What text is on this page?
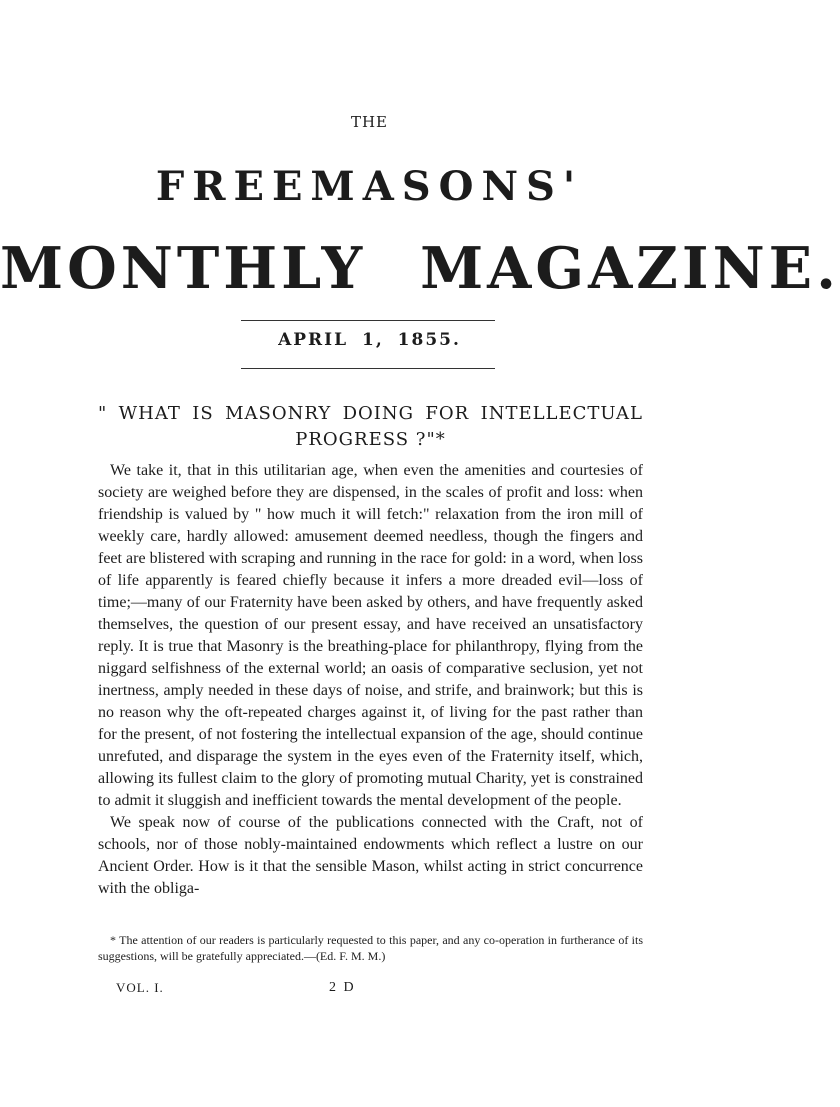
THE
FREEMASONS'
MONTHLY MAGAZINE.
APRIL 1, 1855.
" WHAT IS MASONRY DOING FOR INTELLECTUAL
PROGRESS ?"*

We take it, that in this utilitarian age, when even the amenities and courtesies of society are weighed before they are dispensed, in the scales of profit and loss: when friendship is valued by " how much it will fetch:" relaxation from the iron mill of weekly care, hardly allowed: amusement deemed needless, though the fingers and feet are blistered with scraping and running in the race for gold: in a word, when loss of life apparently is feared chiefly because it infers a more dreaded evil—loss of time;—many of our Fraternity have been asked by others, and have frequently asked themselves, the question of our present essay, and have received an unsatisfactory reply. It is true that Masonry is the breathing-place for philanthropy, flying from the niggard selfishness of the external world; an oasis of comparative seclusion, yet not inertness, amply needed in these days of noise, and strife, and brainwork; but this is no reason why the oft-repeated charges against it, of living for the past rather than for the present, of not fostering the intellectual expansion of the age, should continue unrefuted, and disparage the system in the eyes even of the Fraternity itself, which, allowing its fullest claim to the glory of promoting mutual Charity, yet is constrained to admit it sluggish and inefficient towards the mental development of the people.

We speak now of course of the publications connected with the Craft, not of schools, nor of those nobly-maintained endowments which reflect a lustre on our Ancient Order. How is it that the sensible Mason, whilst acting in strict concurrence with the obliga-

* The attention of our readers is particularly requested to this paper, and any co-operation in furtherance of its suggestions, will be gratefully appreciated.—(Ed. F. M. M.)

VOL. I.	2 D
